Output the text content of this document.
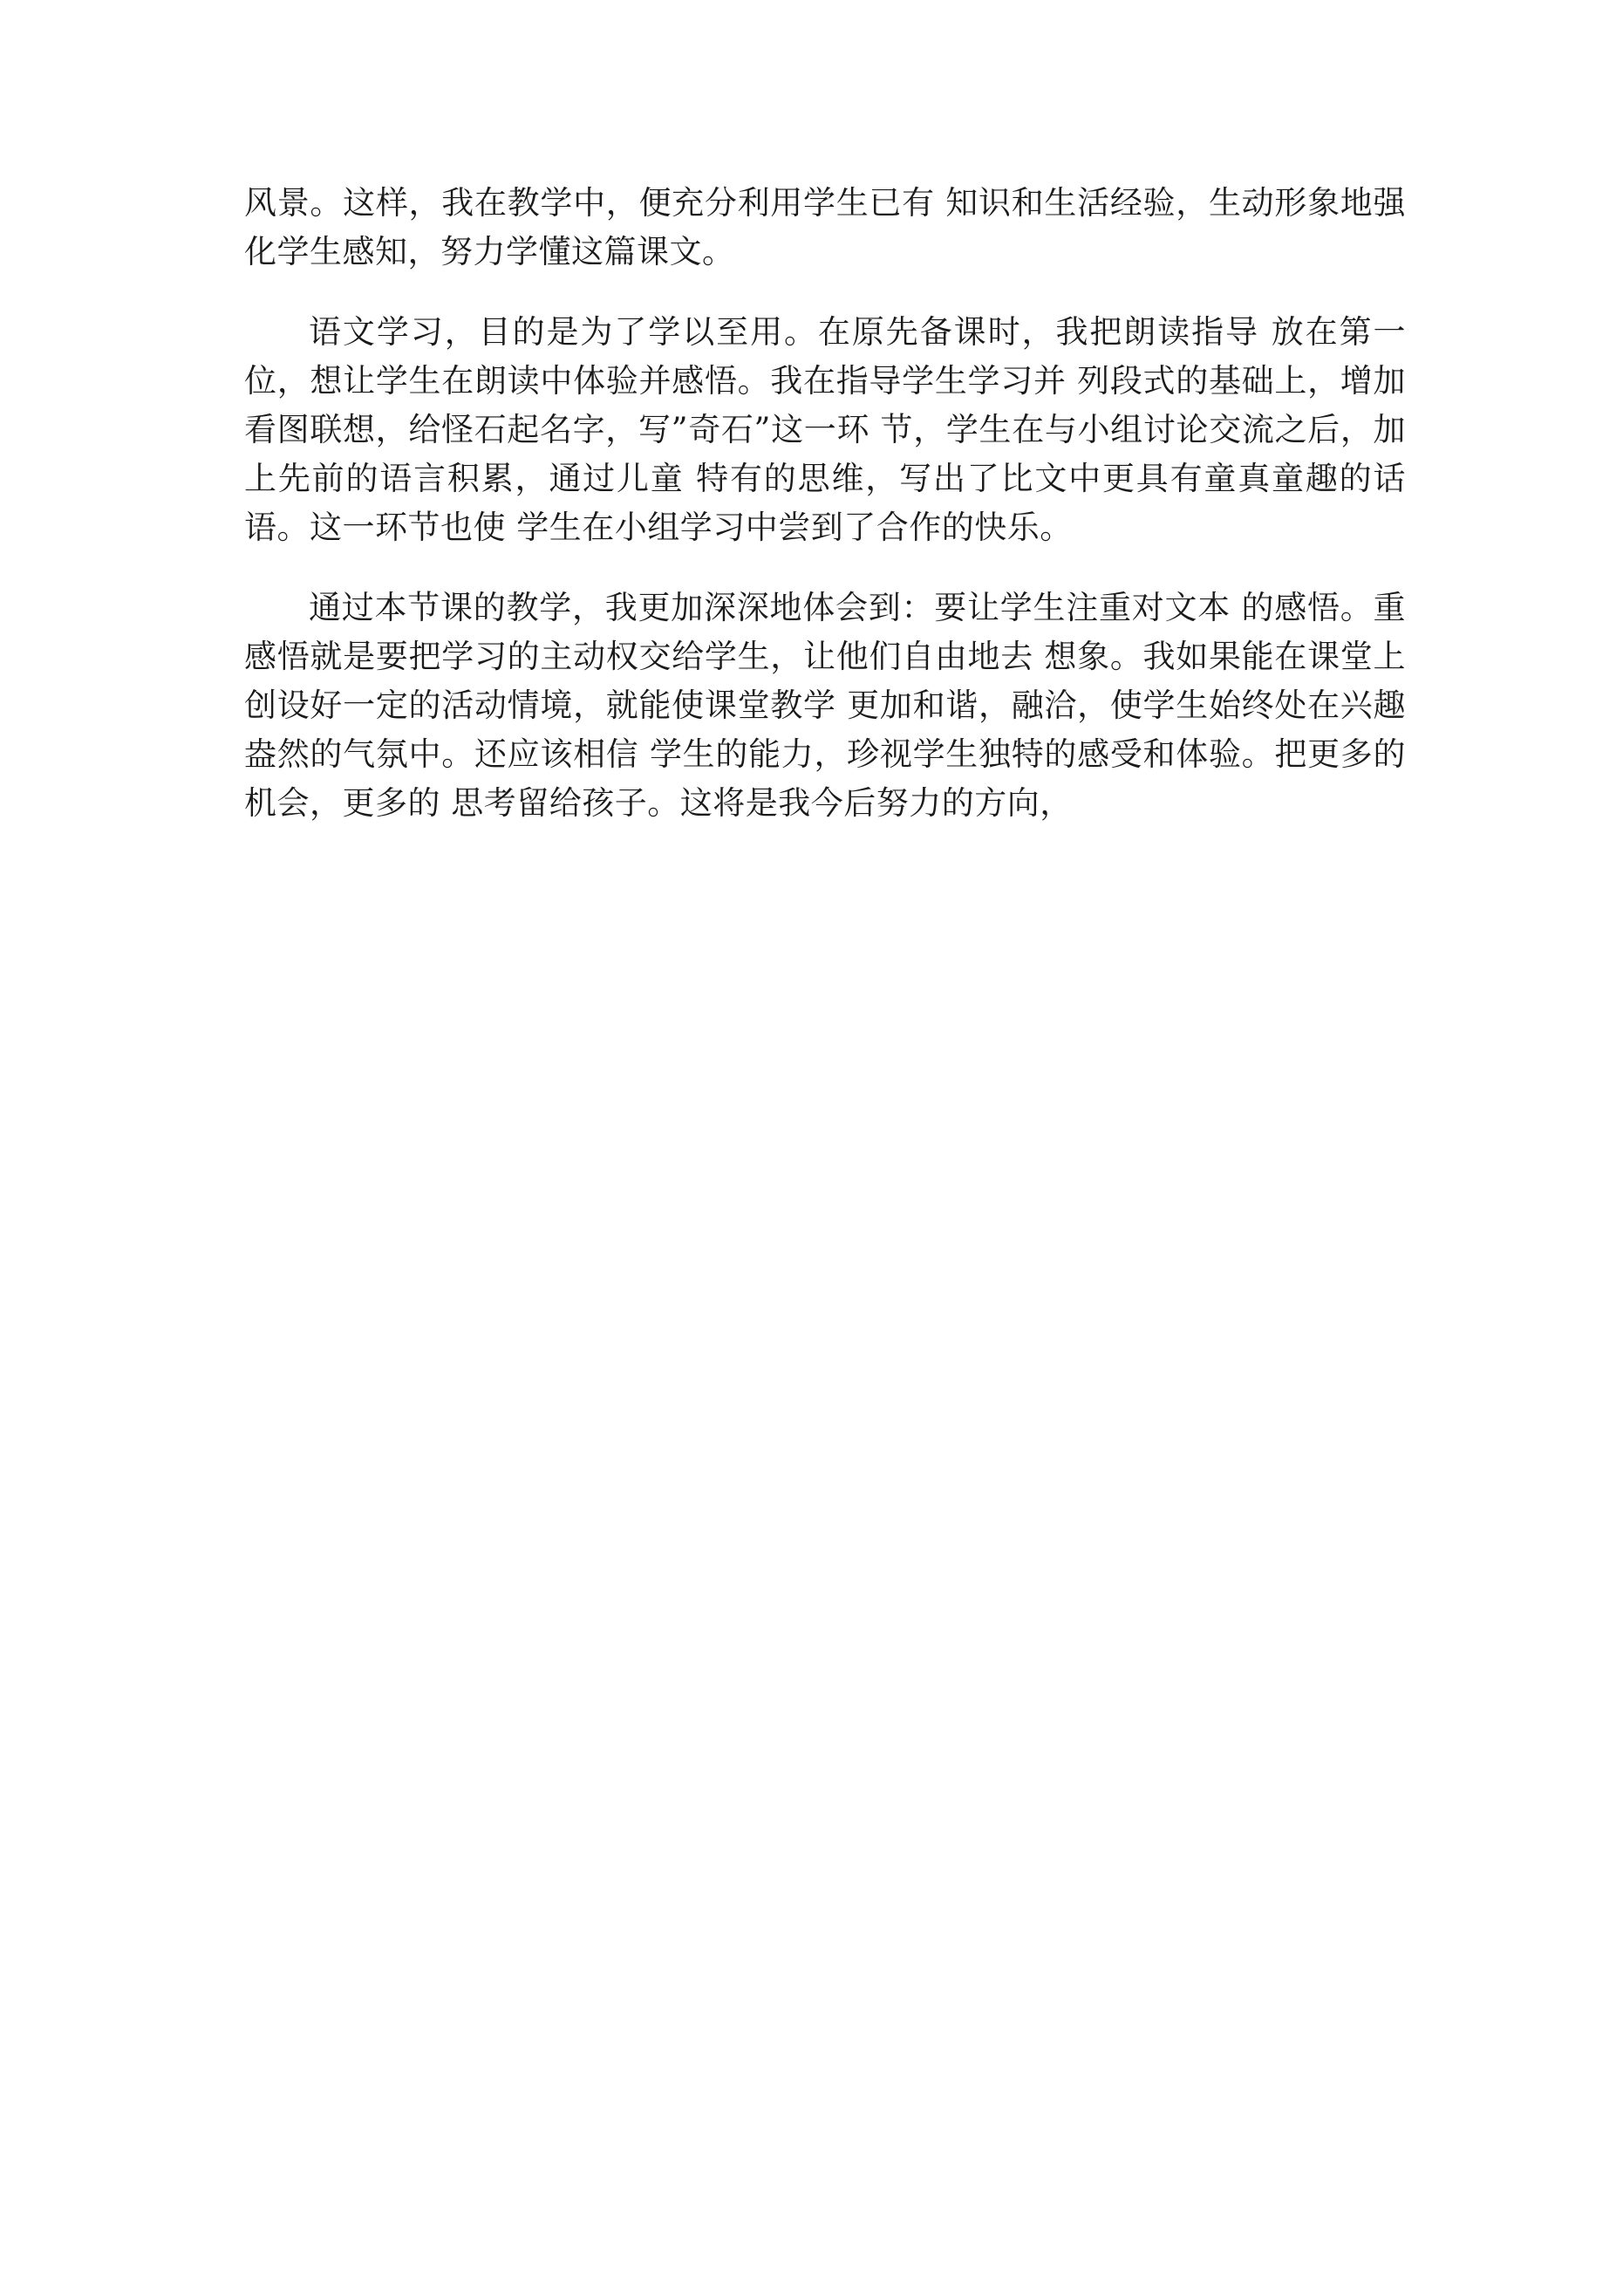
风景。这样，我在教学中，便充分利用学生已有 知识和生活经验，生动形象地强化学生感知，努力学懂这篇课文。

语文学习，目的是为了学以至用。在原先备课时，我把朗读指导 放在第一位，想让学生在朗读中体验并感悟。我在指导学生学习并 列段式的基础上，增加看图联想，给怪石起名字，写”奇石”这一环 节，学生在与小组讨论交流之后，加上先前的语言积累，通过儿童 特有的思维，写出了比文中更具有童真童趣的话语。这一环节也使 学生在小组学习中尝到了合作的快乐。

通过本节课的教学，我更加深深地体会到：要让学生注重对文本 的感悟。重感悟就是要把学习的主动权交给学生，让他们自由地去 想象。我如果能在课堂上创设好一定的活动情境，就能使课堂教学 更加和谐，融洽，使学生始终处在兴趣盎然的气氛中。还应该相信 学生的能力，珍视学生独特的感受和体验。把更多的机会，更多的 思考留给孩子。这将是我今后努力的方向，
